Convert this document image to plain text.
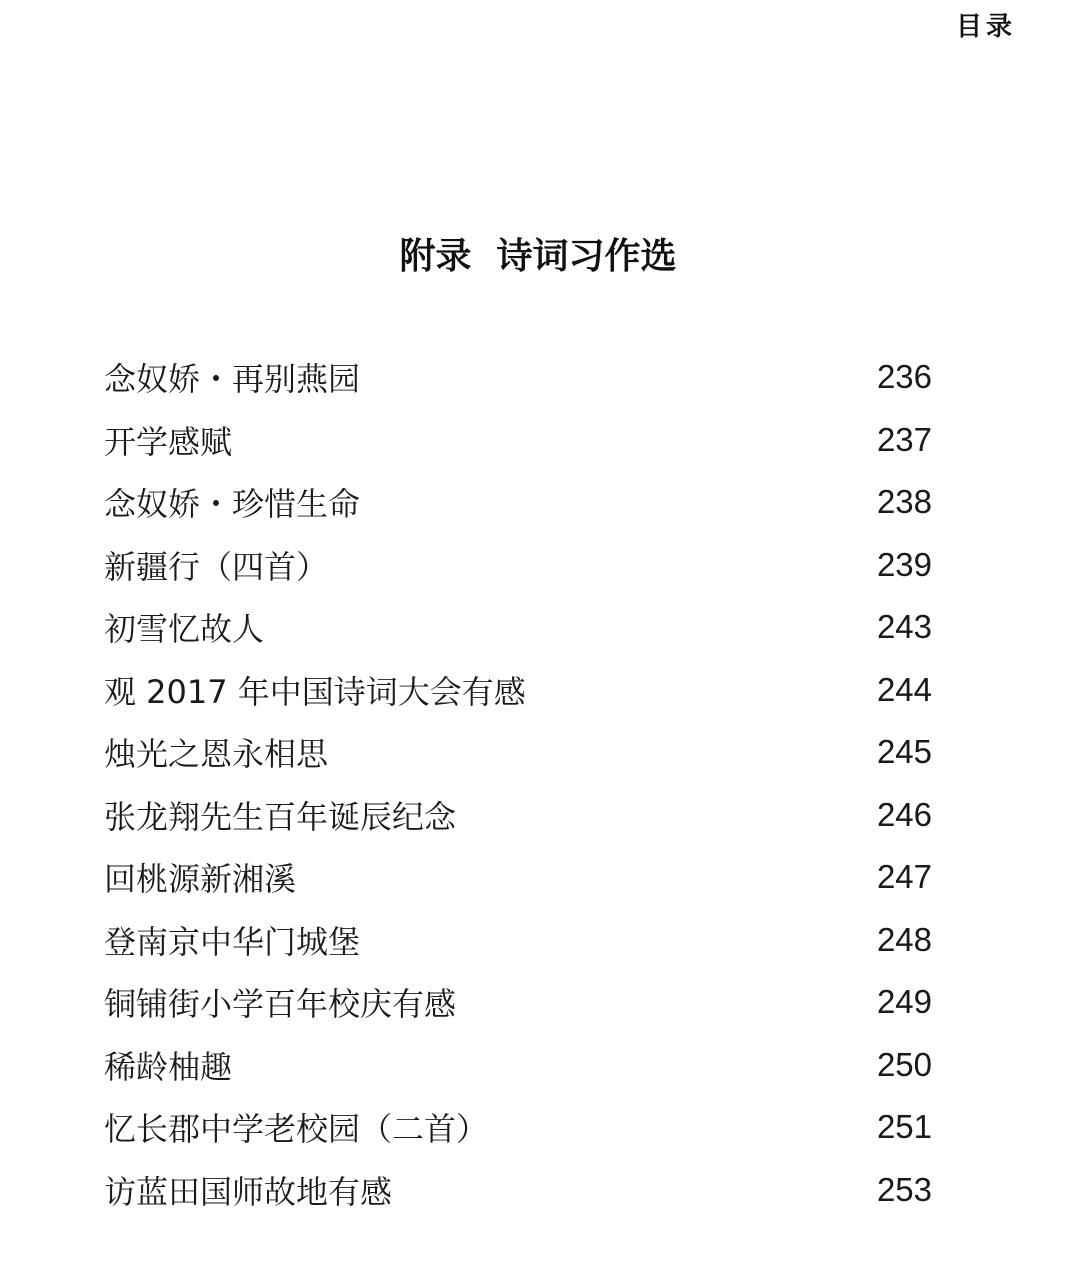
目录
附录  诗词习作选
念奴娇・再别燕园	236
开学感赋	237
念奴娇・珍惜生命	238
新疆行（四首）	239
初雪忆故人	243
观 2017 年中国诗词大会有感	244
烛光之恩永相思	245
张龙翔先生百年诞辰纪念	246
回桃源新湘溪	247
登南京中华门城堡	248
铜铺街小学百年校庆有感	249
稀龄柚趣	250
忆长郡中学老校园（二首）	251
访蓝田国师故地有感	253
